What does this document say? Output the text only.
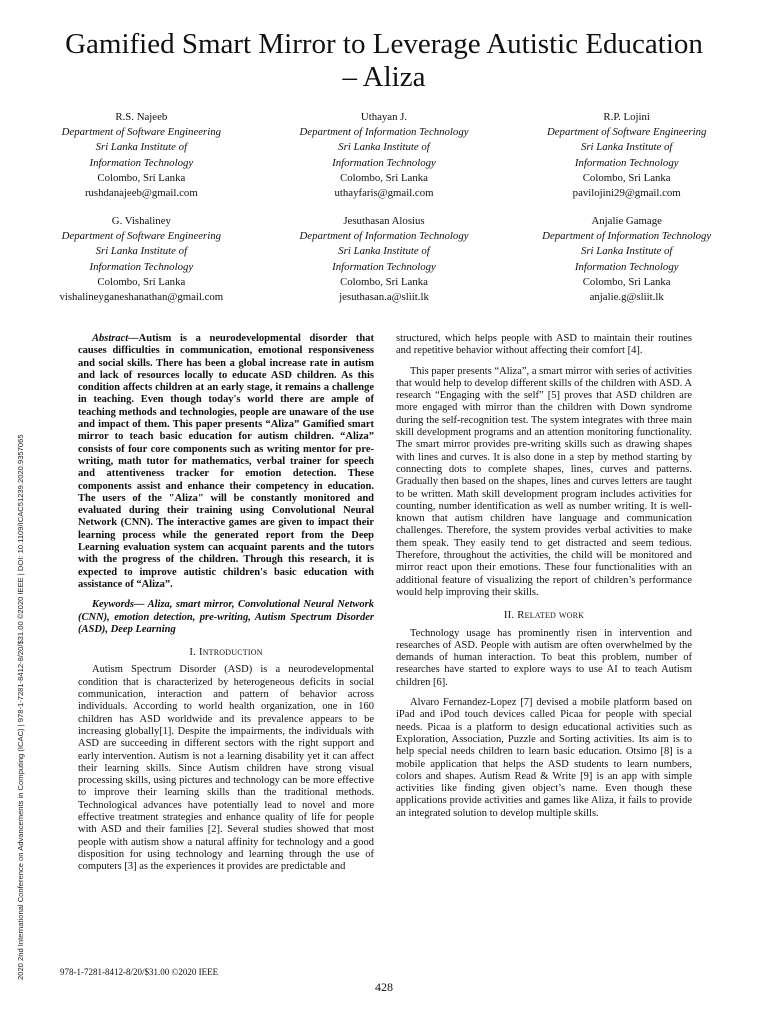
Gamified Smart Mirror to Leverage Autistic Education – Aliza
R.S. Najeeb
Department of Software Engineering
Sri Lanka Institute of
Information Technology
Colombo, Sri Lanka
rushdanajeeb@gmail.com
Uthayan J.
Department of Information Technology
Sri Lanka Institute of
Information Technology
Colombo, Sri Lanka
uthayfaris@gmail.com
R.P. Lojini
Department of Software Engineering
Sri Lanka Institute of
Information Technology
Colombo, Sri Lanka
pavilojini29@gmail.com
G. Vishaliney
Department of Software Engineering
Sri Lanka Institute of
Information Technology
Colombo, Sri Lanka
vishalineyganeshanathan@gmail.com
Jesuthasan Alosius
Department of Information Technology
Sri Lanka Institute of
Information Technology
Colombo, Sri Lanka
jesuthasan.a@sliit.lk
Anjalie Gamage
Department of Information Technology
Sri Lanka Institute of
Information Technology
Colombo, Sri Lanka
anjalie.g@sliit.lk
2020 2nd International Conference on Advancements in Computing (ICAC) | 978-1-7281-8412-8/20/$31.00 ©2020 IEEE | DOI: 10.1109/ICAC51239.2020.9357065

Abstract—Autism is a neurodevelopmental disorder that causes difficulties in communication, emotional responsiveness and social skills. There has been a global increase rate in autism and lack of resources locally to educate ASD children. As this condition affects children at an early stage, it remains a challenge in teaching. Even though today's world there are ample of teaching methods and technologies, people are unaware of the use and impact of them. This paper presents “Aliza” Gamified smart mirror to teach basic education for autism children. “Aliza” consists of four core components such as writing mentor for pre-writing, math tutor for mathematics, verbal trainer for speech and attentiveness tracker for emotion detection. These components assist and enhance their competency in education. The users of the "Aliza" will be constantly monitored and evaluated during their training using Convolutional Neural Network (CNN). The interactive games are given to impact their learning process while the generated report from the Deep Learning evaluation system can acquaint parents and the tutors with the progress of the children. Through this research, it is expected to improve autistic children's basic education with assistance of “Aliza”.

Keywords— Aliza, smart mirror, Convolutional Neural Network (CNN), emotion detection, pre-writing, Autism Spectrum Disorder (ASD), Deep Learning

I. Introduction

Autism Spectrum Disorder (ASD) is a neurodevelopmental condition that is characterized by heterogeneous deficits in social communication, interaction and pattern of behavior across individuals. According to world health organization, one in 160 children has ASD worldwide and its prevalence appears to be increasing globally[1]. Despite the impairments, the individuals with ASD are succeeding in different sectors with the right support and early intervention. Autism is not a learning disability yet it can affect their learning skills. Since Autism children have strong visual processing skills, using pictures and technology can be more effective to improve their learning skills than the traditional methods. Technological advances have potentially lead to novel and more effective treatment strategies and enhance quality of life for people with ASD and their families [2]. Several studies showed that most people with autism show a natural affinity for technology and a good disposition for using technology and learning through the use of computers [3] as the experiences it provides are predictable and

structured, which helps people with ASD to maintain their routines and repetitive behavior without affecting their comfort [4].

This paper presents “Aliza”, a smart mirror with series of activities that would help to develop different skills of the children with ASD. A research “Engaging with the self” [5] proves that ASD children are more engaged with mirror than the children with Down syndrome during the self-recognition test. The system integrates with three main skill development programs and an attention monitoring functionality. The smart mirror provides pre-writing skills such as drawing shapes with lines and curves. It is also done in a step by method starting by connecting dots to complete shapes, lines, curves and patterns. Gradually then based on the shapes, lines and curves letters are taught to be written. Math skill development program includes activities for counting, number identification as well as number writing. It is well-known that autism children have language and communication challenges. Therefore, the system provides verbal activities to make them speak. They easily tend to get distracted and seem tedious. Therefore, throughout the activities, the child will be monitored and mirror react upon their emotions. These four functionalities with an additional feature of visualizing the report of children’s performance would help improving their skills.

II. Related work

Technology usage has prominently risen in intervention and researches of ASD. People with autism are often overwhelmed by the demands of human interaction. To beat this problem, number of researches have started to explore ways to use AI to teach Autism children [6].

Alvaro Fernandez-Lopez [7] devised a mobile platform based on iPad and iPod touch devices called Picaa for people with special needs. Picaa is a platform to design educational activities such as Exploration, Association, Puzzle and Sorting activities. Its aim is to help special needs children to learn basic education. Otsimo [8] is a mobile application that helps the ASD students to learn numbers, colors and shapes. Autism Read & Write [9] is an app with simple activities like finding given object’s name. Even though these applications provide activities and games like Aliza, it fails to provide an integrated solution to develop multiple skills.

978-1-7281-8412-8/20/$31.00 ©2020 IEEE
428
